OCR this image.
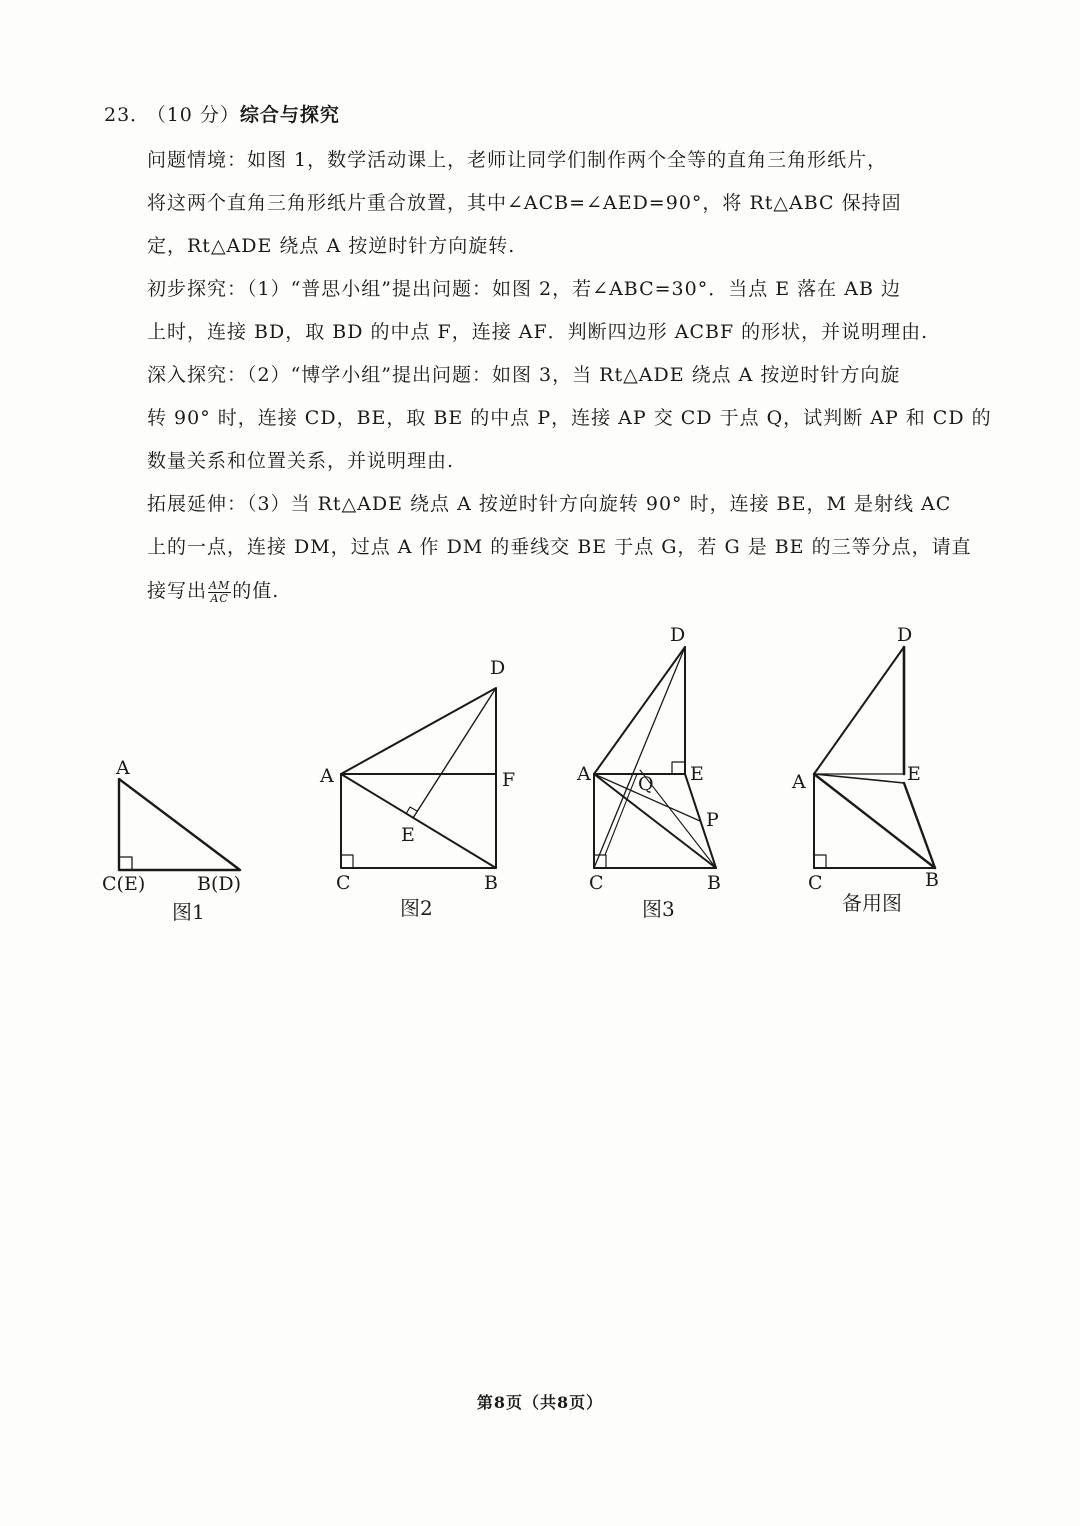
23． （10 分）综合与探究
问题情境：如图 1，数学活动课上，老师让同学们制作两个全等的直角三角形纸片，
将这两个直角三角形纸片重合放置，其中∠ACB=∠AED=90°，将 Rt△ABC 保持固
定，Rt△ADE 绕点 A 按逆时针方向旋转.
初步探究：（1）“普思小组”提出问题：如图 2，若∠ABC=30°．当点 E 落在 AB 边
上时，连接 BD，取 BD 的中点 F，连接 AF．判断四边形 ACBF 的形状，并说明理由.
深入探究：（2）“博学小组”提出问题：如图 3，当 Rt△ADE 绕点 A 按逆时针方向旋
转 90° 时，连接 CD，BE，取 BE 的中点 P，连接 AP 交 CD 于点 Q，试判断 AP 和 CD 的
数量关系和位置关系，并说明理由.
拓展延伸：（3）当 Rt△ADE 绕点 A 按逆时针方向旋转 90° 时，连接 BE，M 是射线 AC
上的一点，连接 DM，过点 A 作 DM 的垂线交 BE 于点 G，若 G 是 BE 的三等分点，请直
接写出 $\frac{AM}{AC}$ 的值.
A
C(E)	B(D)
D
A	F
E
C	B
D
A Q E
P
C	B
D
A	E
C	B
图1	图2	图3	备用图
第8页（共8页）
